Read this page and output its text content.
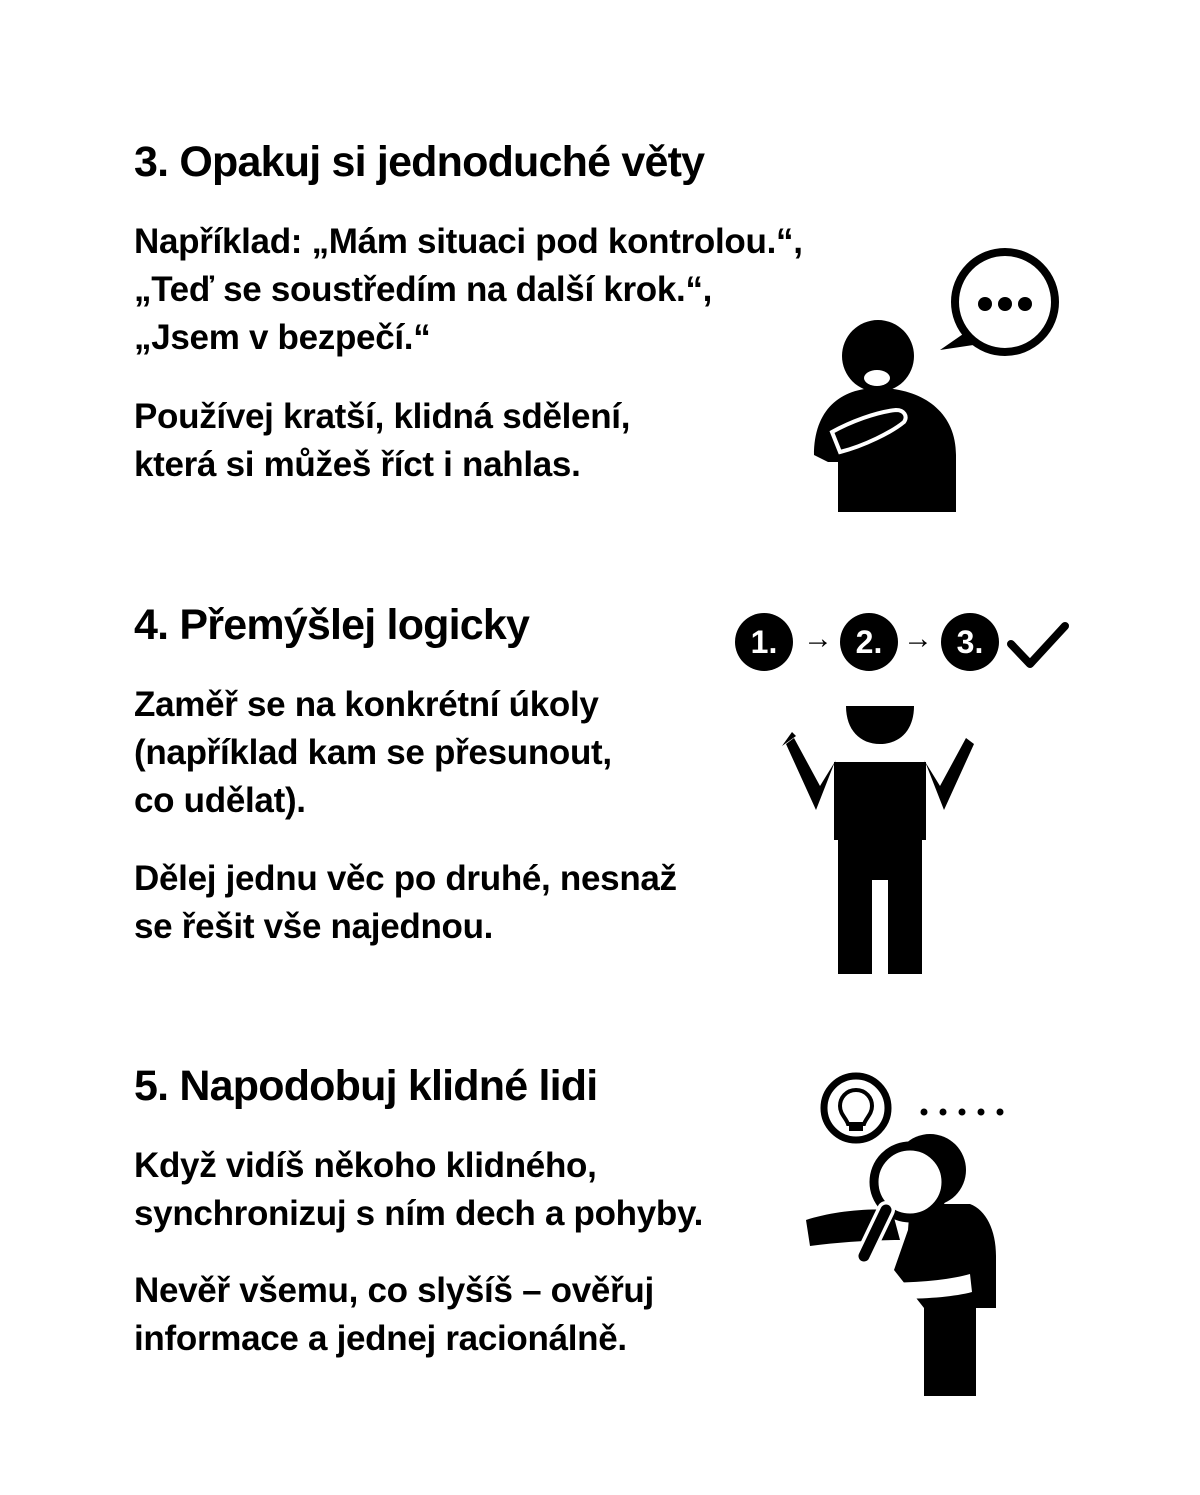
3. Opakuj si jednoduché věty

Například: „Mám situaci pod kontrolou.“,
„Teď se soustředím na další krok.“,
„Jsem v bezpečí.“

Používej kratší, klidná sdělení,
která si můžeš říct i nahlas.

4. Přemýšlej logicky

Zaměř se na konkrétní úkoly
(například kam se přesunout,
co udělat).

Dělej jednu věc po druhé, nesnaž
se řešit vše najednou.

1. → 2. → 3.
5. Napodobuj klidné lidi

Když vidíš někoho klidného,
synchronizuj s ním dech a pohyby.

Nevěř všemu, co slyšíš – ověřuj
informace a jednej racionálně.
